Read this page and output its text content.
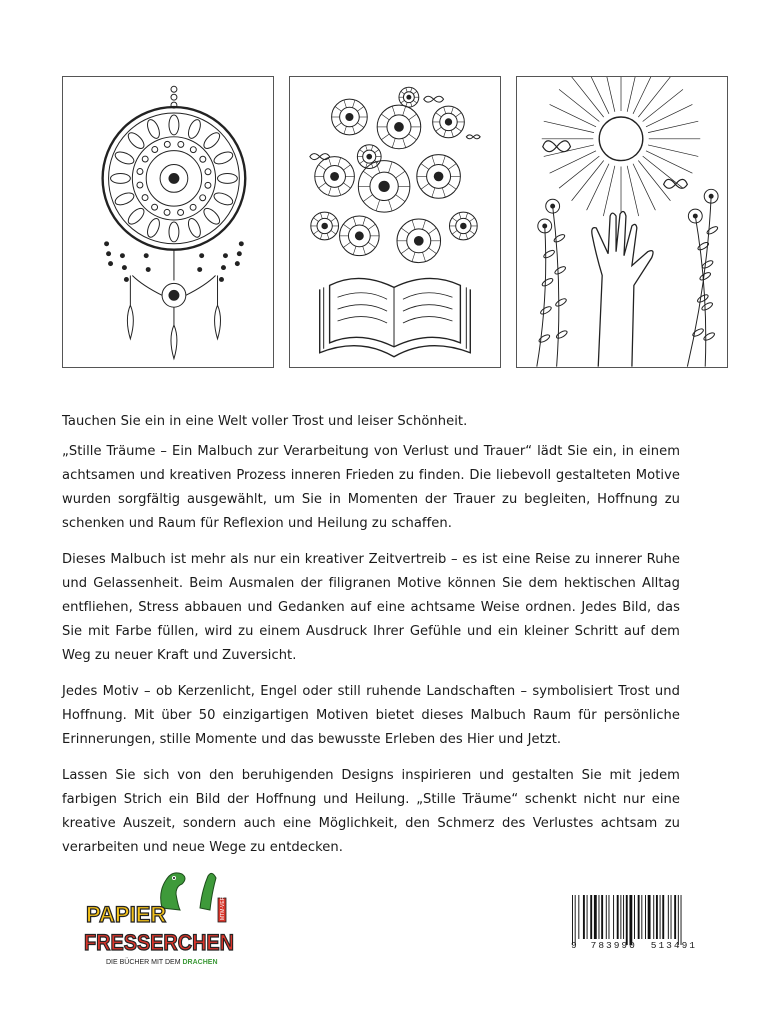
Tauchen Sie ein in eine Welt voller Trost und leiser Schönheit.

„Stille Träume – Ein Malbuch zur Verarbeitung von Verlust und Trauer“ lädt Sie ein, in einem achtsamen und kreativen Prozess inneren Frieden zu finden. Die liebevoll gestalteten Motive wurden sorgfältig ausgewählt, um Sie in Momenten der Trauer zu begleiten, Hoffnung zu schenken und Raum für Reflexion und Heilung zu schaffen.

Dieses Malbuch ist mehr als nur ein kreativer Zeitvertreib – es ist eine Reise zu innerer Ruhe und Gelassenheit. Beim Ausmalen der filigranen Motive können Sie dem hektischen Alltag entfliehen, Stress abbauen und Gedanken auf eine achtsame Weise ordnen. Jedes Bild, das Sie mit Farbe füllen, wird zu einem Ausdruck Ihrer Gefühle und ein kleiner Schritt auf dem Weg zu neuer Kraft und Zuversicht.

Jedes Motiv – ob Kerzenlicht, Engel oder still ruhende Landschaften – symbolisiert Trost und Hoffnung. Mit über 50 einzigartigen Motiven bietet dieses Malbuch Raum für persönliche Erinnerungen, stille Momente und das bewusste Erleben des Hier und Jetzt.

Lassen Sie sich von den beruhigenden Designs inspirieren und gestalten Sie mit jedem farbigen Strich ein Bild der Hoffnung und Heilung. „Stille Träume“ schenkt nicht nur eine kreative Auszeit, sondern auch eine Möglichkeit, den Schmerz des Verlustes achtsam zu verarbeiten und neue Wege zu entdecken.

MTM-VERLAG
PAPIER
FRESSERCHEN
DIE BÜCHER MIT DEM DRACHEN
9 783990 513491
